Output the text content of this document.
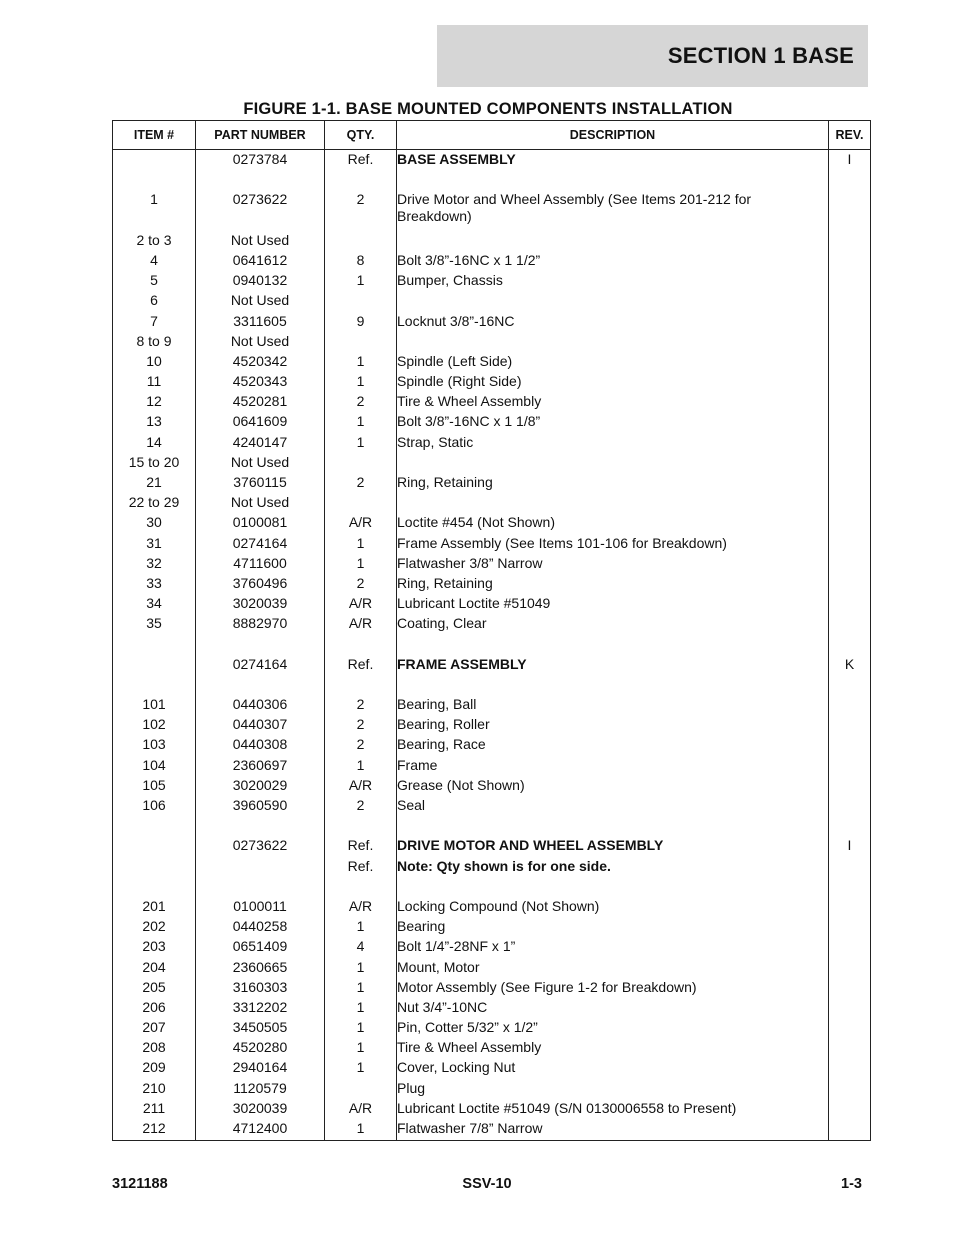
SECTION 1 BASE
FIGURE 1-1. BASE MOUNTED COMPONENTS INSTALLATION
ITEM #	PART NUMBER	QTY.	DESCRIPTION	REV.
	0273784	Ref.	BASE ASSEMBLY	I

1	0273622	2	Drive Motor and Wheel Assembly (See Items 201-212 for Breakdown)	
2 to 3	Not Used			
4	0641612	8	Bolt 3/8”-16NC x 1 1/2”	
5	0940132	1	Bumper, Chassis	
6	Not Used			
7	3311605	9	Locknut 3/8”-16NC	
8 to 9	Not Used			
10	4520342	1	Spindle (Left Side)	
11	4520343	1	Spindle (Right Side)	
12	4520281	2	Tire & Wheel Assembly	
13	0641609	1	Bolt 3/8”-16NC x 1 1/8”	
14	4240147	1	Strap, Static	
15 to 20	Not Used			
21	3760115	2	Ring, Retaining	
22 to 29	Not Used			
30	0100081	A/R	Loctite #454 (Not Shown)	
31	0274164	1	Frame Assembly (See Items 101-106 for Breakdown)	
32	4711600	1	Flatwasher 3/8” Narrow	
33	3760496	2	Ring, Retaining	
34	3020039	A/R	Lubricant Loctite #51049	
35	8882970	A/R	Coating, Clear	

	0274164	Ref.	FRAME ASSEMBLY	K

101	0440306	2	Bearing, Ball	
102	0440307	2	Bearing, Roller	
103	0440308	2	Bearing, Race	
104	2360697	1	Frame	
105	3020029	A/R	Grease (Not Shown)	
106	3960590	2	Seal	

	0273622	Ref.	DRIVE MOTOR AND WHEEL ASSEMBLY	I
		Ref.	Note: Qty shown is for one side.	

201	0100011	A/R	Locking Compound (Not Shown)	
202	0440258	1	Bearing	
203	0651409	4	Bolt 1/4”-28NF x 1”	
204	2360665	1	Mount, Motor	
205	3160303	1	Motor Assembly (See Figure 1-2 for Breakdown)	
206	3312202	1	Nut 3/4”-10NC	
207	3450505	1	Pin, Cotter 5/32” x 1/2”	
208	4520280	1	Tire & Wheel Assembly	
209	2940164	1	Cover, Locking Nut	
210	1120579		Plug	
211	3020039	A/R	Lubricant Loctite #51049 (S/N 0130006558 to Present)	
212	4712400	1	Flatwasher 7/8” Narrow	

3121188	SSV-10	1-3
